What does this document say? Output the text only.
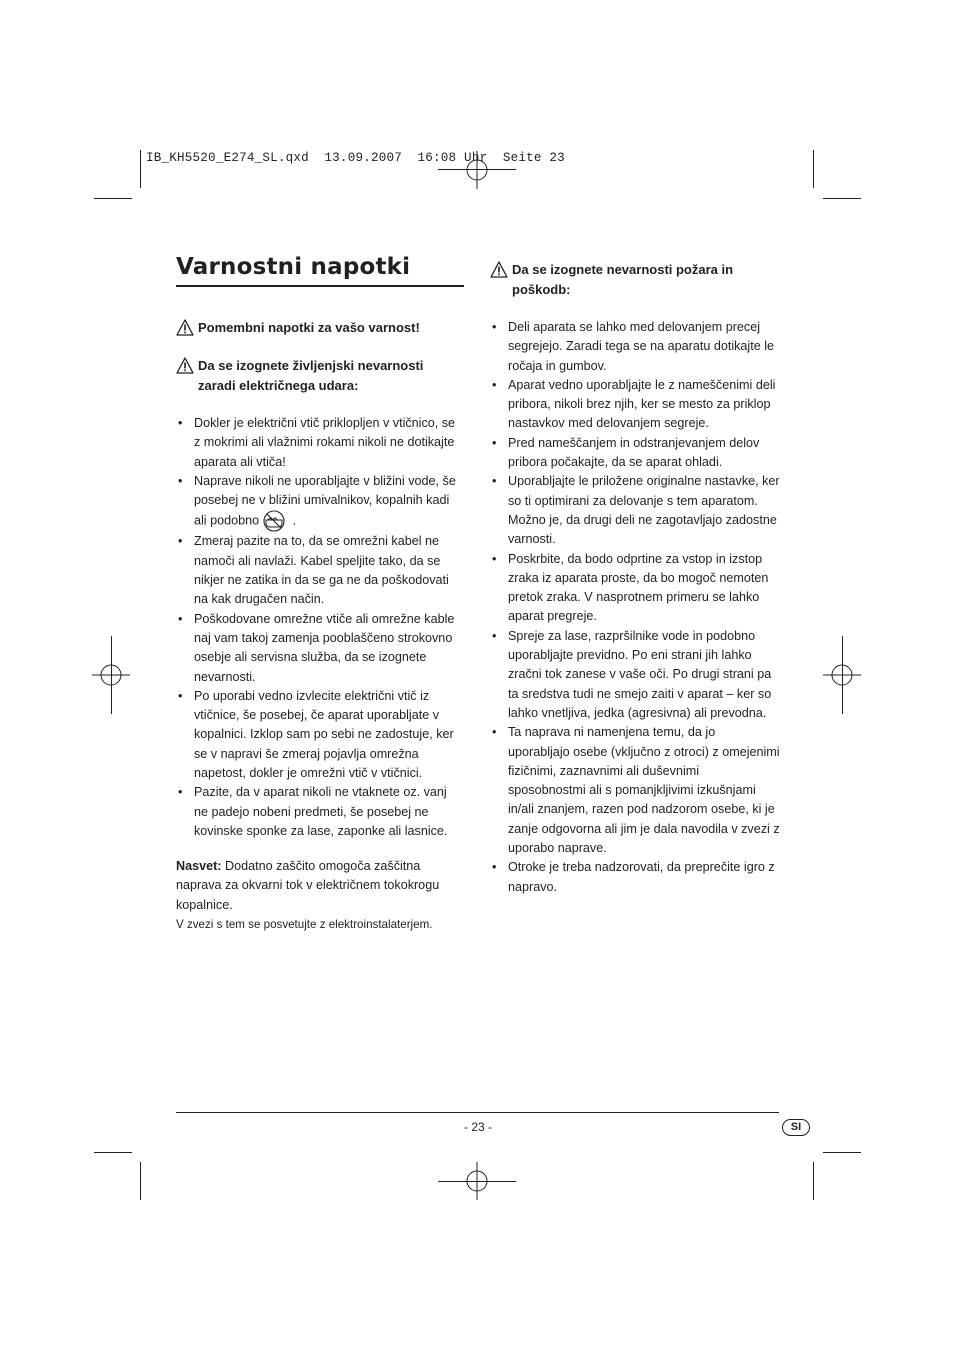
IB_KH5520_E274_SL.qxd  13.09.2007  16:08 Uhr  Seite 23
Varnostni napotki
Pomembni napotki za vašo varnost!
Da se izognete življenjski nevarnosti zaradi električnega udara:
• Dokler je električni vtič priklopljen v vtičnico, se z mokrimi ali vlažnimi rokami nikoli ne dotikajte aparata ali vtiča!
• Naprave nikoli ne uporabljajte v bližini vode, še posebej ne v bližini umivalnikov, kopalnih kadi ali podobno	.
• Zmeraj pazite na to, da se omrežni kabel ne namoči ali navlaži. Kabel speljite tako, da se nikjer ne zatika in da se ga ne da poškodovati na kak drugačen način.
• Poškodovane omrežne vtiče ali omrežne kable naj vam takoj zamenja pooblaščeno strokovno osebje ali servisna služba, da se izognete nevarnosti.
• Po uporabi vedno izvlecite električni vtič iz vtičnice, še posebej, če aparat uporabljate v kopalnici. Izklop sam po sebi ne zadostuje, ker se v napravi še zmeraj pojavlja omrežna napetost, dokler je omrežni vtič v vtičnici.
• Pazite, da v aparat nikoli ne vtaknete oz. vanj ne padejo nobeni predmeti, še posebej ne kovinske sponke za lase, zaponke ali lasnice.
Nasvet: Dodatno zaščito omogoča zaščitna naprava za okvarni tok v električnem tokokrogu kopalnice.
V zvezi s tem se posvetujte z elektroinstalaterjem.
Da se izognete nevarnosti požara in poškodb:
• Deli aparata se lahko med delovanjem precej segrejejo. Zaradi tega se na aparatu dotikajte le ročaja in gumbov.
• Aparat vedno uporabljajte le z nameščenimi deli pribora, nikoli brez njih, ker se mesto za priklop nastavkov med delovanjem segreje.
• Pred nameščanjem in odstranjevanjem delov pribora počakajte, da se aparat ohladi.
• Uporabljajte le priložene originalne nastavke, ker so ti optimirani za delovanje s tem aparatom. Možno je, da drugi deli ne zagotavljajo zadostne varnosti.
• Poskrbite, da bodo odprtine za vstop in izstop zraka iz aparata proste, da bo mogoč nemoten pretok zraka. V nasprotnem primeru se lahko aparat pregreje.
• Spreje za lase, razpršilnike vode in podobno uporabljajte previdno. Po eni strani jih lahko zračni tok zanese v vaše oči. Po drugi strani pa ta sredstva tudi ne smejo zaiti v aparat – ker so lahko vnetljiva, jedka (agresivna) ali prevodna.
• Ta naprava ni namenjena temu, da jo uporabljajo osebe (vključno z otroci) z omejenimi fizičnimi, zaznavnimi ali duševnimi sposobnostmi ali s pomanjkljivimi izkušnjami in/ali znanjem, razen pod nadzorom osebe, ki je zanje odgovorna ali jim je dala navodila v zvezi z uporabo naprave.
• Otroke je treba nadzorovati, da preprečite igro z napravo.
- 23 -	SI
